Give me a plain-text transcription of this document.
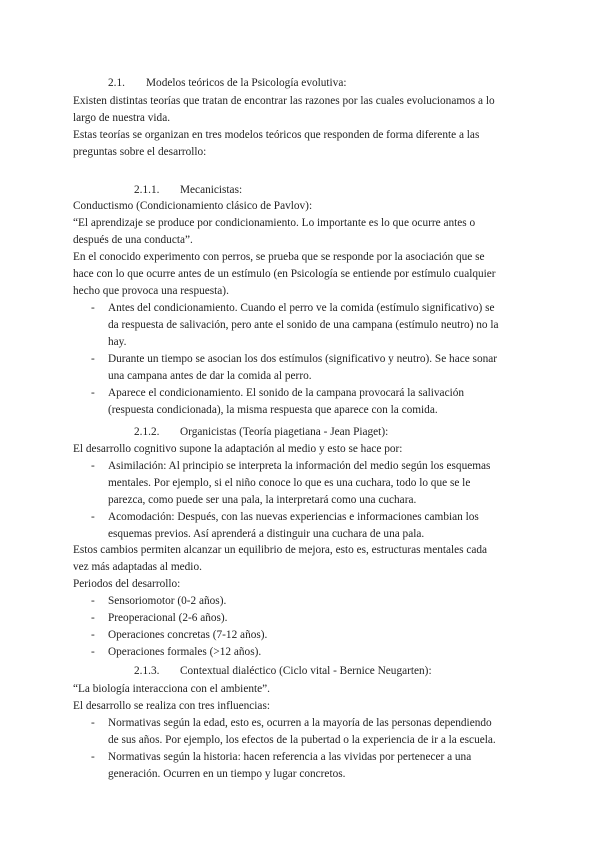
2.1. Modelos teóricos de la Psicología evolutiva:
Existen distintas teorías que tratan de encontrar las razones por las cuales evolucionamos a lo
largo de nuestra vida.
Estas teorías se organizan en tres modelos teóricos que responden de forma diferente a las
preguntas sobre el desarrollo:
2.1.1. Mecanicistas:
Conductismo (Condicionamiento clásico de Pavlov):
“El aprendizaje se produce por condicionamiento. Lo importante es lo que ocurre antes o
después de una conducta”.
En el conocido experimento con perros, se prueba que se responde por la asociación que se
hace con lo que ocurre antes de un estímulo (en Psicología se entiende por estímulo cualquier
hecho que provoca una respuesta).
- Antes del condicionamiento. Cuando el perro ve la comida (estímulo significativo) se
da respuesta de salivación, pero ante el sonido de una campana (estímulo neutro) no la
hay.
- Durante un tiempo se asocian los dos estímulos (significativo y neutro). Se hace sonar
una campana antes de dar la comida al perro.
- Aparece el condicionamiento. El sonido de la campana provocará la salivación
(respuesta condicionada), la misma respuesta que aparece con la comida.
2.1.2. Organicistas (Teoría piagetiana - Jean Piaget):
El desarrollo cognitivo supone la adaptación al medio y esto se hace por:
- Asimilación: Al principio se interpreta la información del medio según los esquemas
mentales. Por ejemplo, si el niño conoce lo que es una cuchara, todo lo que se le
parezca, como puede ser una pala, la interpretará como una cuchara.
- Acomodación: Después, con las nuevas experiencias e informaciones cambian los
esquemas previos. Así aprenderá a distinguir una cuchara de una pala.
Estos cambios permiten alcanzar un equilibrio de mejora, esto es, estructuras mentales cada
vez más adaptadas al medio.
Periodos del desarrollo:
- Sensoriomotor (0-2 años).
- Preoperacional (2-6 años).
- Operaciones concretas (7-12 años).
- Operaciones formales (>12 años).
2.1.3. Contextual dialéctico (Ciclo vital - Bernice Neugarten):
“La biología interacciona con el ambiente”.
El desarrollo se realiza con tres influencias:
- Normativas según la edad, esto es, ocurren a la mayoría de las personas dependiendo
de sus años. Por ejemplo, los efectos de la pubertad o la experiencia de ir a la escuela.
- Normativas según la historia: hacen referencia a las vividas por pertenecer a una
generación. Ocurren en un tiempo y lugar concretos.
